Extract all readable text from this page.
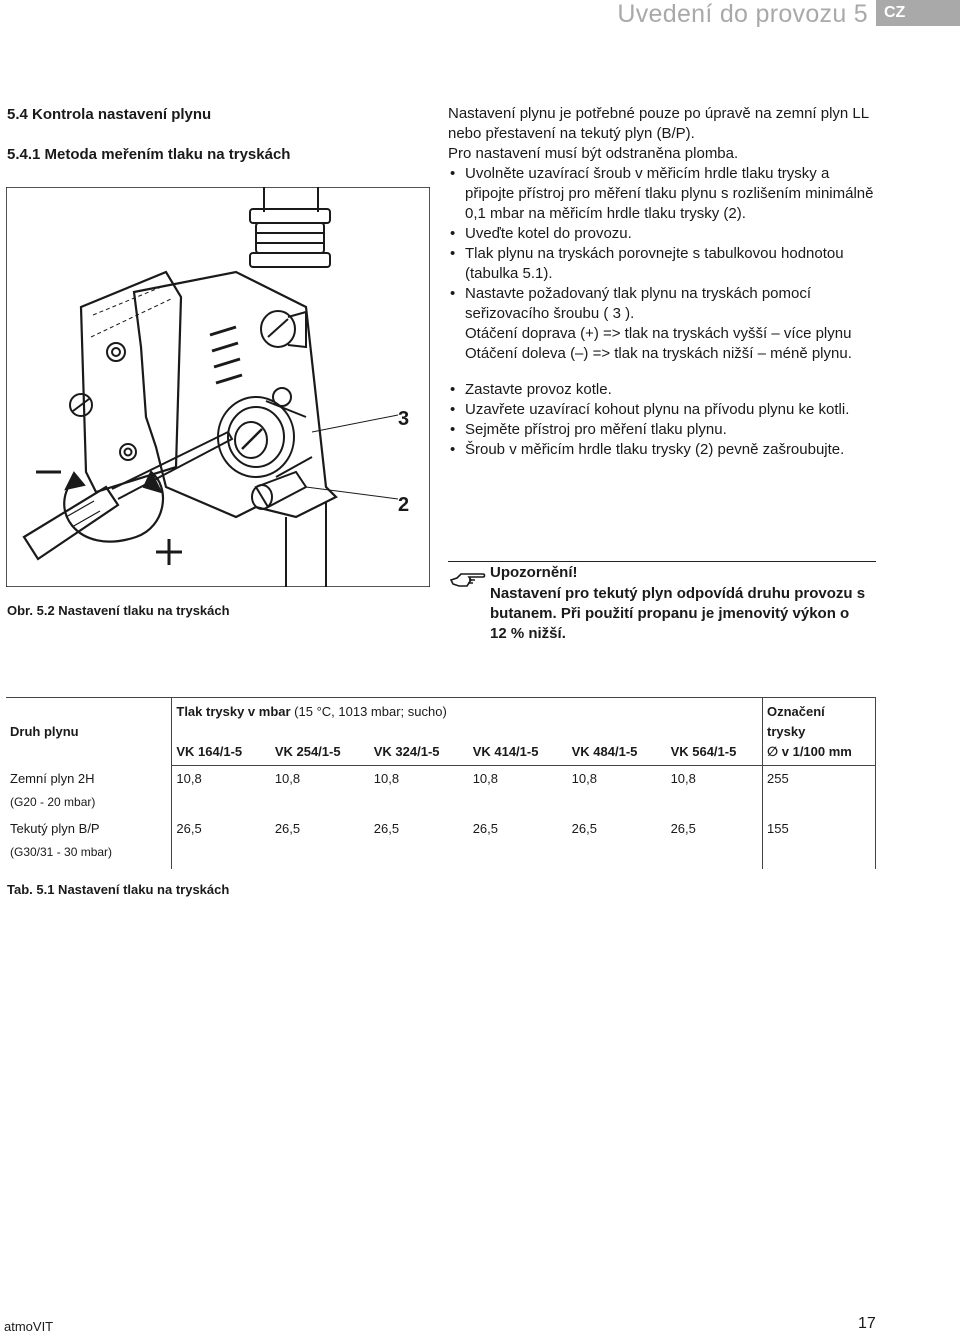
Uvedení do provozu 5	CZ
5.4 Kontrola nastavení plynu
5.4.1 Metoda meřením tlaku na tryskách
3
2
Obr. 5.2 Nastavení tlaku na tryskách

Nastavení plynu je potřebné pouze po úpravě na zemní plyn LL nebo přestavení na tekutý plyn (B/P).

Pro nastavení musí být odstraněna plomba.

• Uvolněte uzavírací šroub v měřicím hrdle tlaku trysky a připojte přístroj pro měření tlaku plynu s rozlišením minimálně 0,1 mbar na měřicím hrdle tlaku trysky (2).

• Uveďte kotel do provozu.

• Tlak plynu na tryskách porovnejte s tabulkovou hodnotou (tabulka 5.1).

• Nastavte požadovaný tlak plynu na tryskách pomocí seřizovacího šroubu ( 3 ).

Otáčení doprava (+) => tlak na tryskách vyšší – více plynu

Otáčení doleva (–) => tlak na tryskách nižší – méně plynu.

• Zastavte provoz kotle.

• Uzavřete uzavírací kohout plynu na přívodu plynu ke kotli.

• Sejměte přístroj pro měření tlaku plynu.

• Šroub v měřicím hrdle tlaku trysky (2) pevně zašroubujte.

Upozornění!
Nastavení pro tekutý plyn odpovídá druhu provozu s butanem. Při použití propanu je jmenovitý výkon o 12 % nižší.
Druh plynu	Tlak trysky v mbar (15 °C, 1013 mbar; sucho)						Označení
							trysky
	VK 164/1-5	VK 254/1-5	VK 324/1-5	VK 414/1-5	VK 484/1-5	VK 564/1-5	∅ v 1/100 mm
Zemní plyn 2H	10,8	10,8	10,8	10,8	10,8	10,8	255
(G20 - 20 mbar)							
Tekutý plyn B/P	26,5	26,5	26,5	26,5	26,5	26,5	155
(G30/31 - 30 mbar)							
Tab. 5.1 Nastavení tlaku na tryskách
atmoVIT	17
